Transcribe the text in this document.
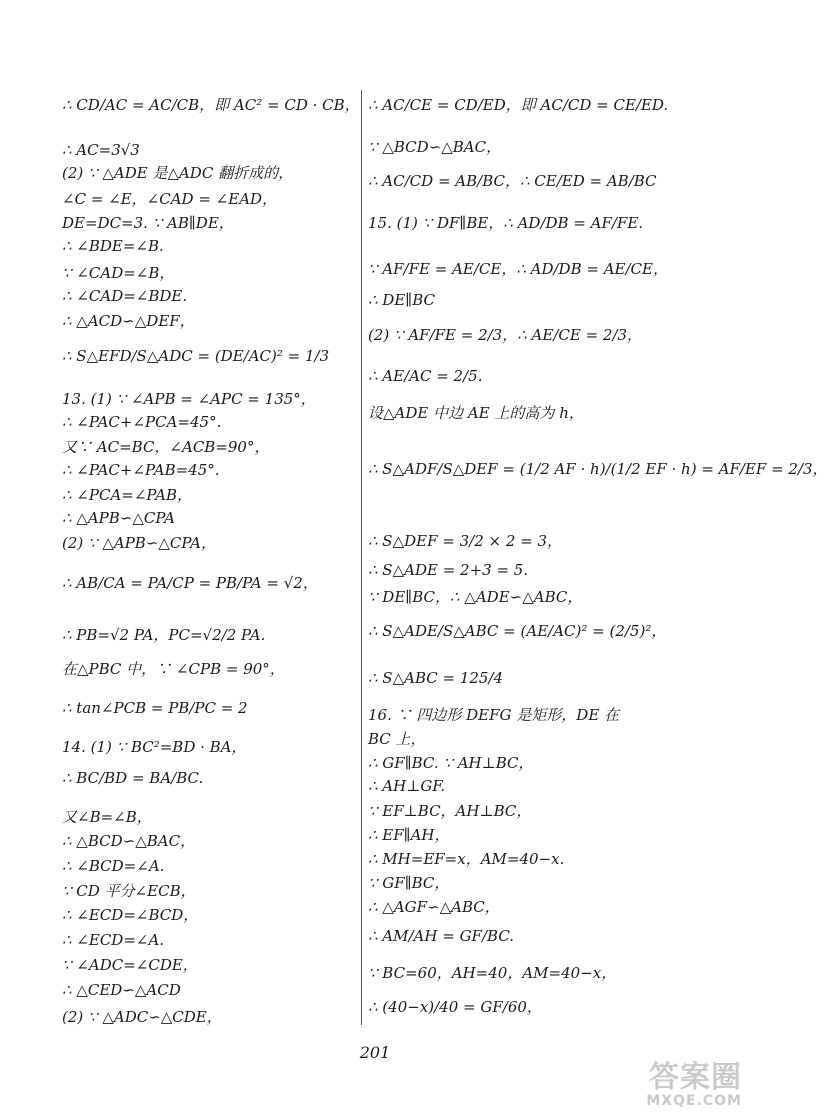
∴ CD/AC = AC/CB，即 AC² = CD · CB，
∴ AC=3√3
(2) ∵ △ADE 是△ADC 翻折成的，
∠C = ∠E，∠CAD = ∠EAD，
DE=DC=3. ∵ AB∥DE，
∴ ∠BDE=∠B.
∵ ∠CAD=∠B，
∴ ∠CAD=∠BDE.
∴ △ACD∽△DEF，
∴ S△EFD/S△ADC = (DE/AC)² = 1/3
13. (1) ∵ ∠APB = ∠APC = 135°，
∴ ∠PAC+∠PCA=45°.
又∵ AC=BC，∠ACB=90°，
∴ ∠PAC+∠PAB=45°.
∴ ∠PCA=∠PAB，
∴ △APB∽△CPA
(2) ∵ △APB∽△CPA，
∴ AB/CA = PA/CP = PB/PA = √2，
∴ PB=√2 PA，PC=√2/2 PA.
在△PBC 中，∵ ∠CPB = 90°，
∴ tan∠PCB = PB/PC = 2
14. (1) ∵ BC²=BD · BA，
∴ BC/BD = BA/BC.
又∠B=∠B，
∴ △BCD∽△BAC，
∴ ∠BCD=∠A.
∵ CD 平分∠ECB，
∴ ∠ECD=∠BCD，
∴ ∠ECD=∠A.
∵ ∠ADC=∠CDE，
∴ △CED∽△ACD
(2) ∵ △ADC∽△CDE，
∴ AC/CE = CD/ED，即 AC/CD = CE/ED.
∵ △BCD∽△BAC，
∴ AC/CD = AB/BC，∴ CE/ED = AB/BC
15. (1) ∵ DF∥BE，∴ AD/DB = AF/FE.
∵ AF/FE = AE/CE，∴ AD/DB = AE/CE，
∴ DE∥BC
(2) ∵ AF/FE = 2/3，∴ AE/CE = 2/3，
∴ AE/AC = 2/5.
设△ADE 中边 AE 上的高为 h，
∴ S△ADF/S△DEF = (1/2 AF · h)/(1/2 EF · h) = AF/EF = 2/3，
∴ S△DEF = 3/2 × 2 = 3，
∴ S△ADE = 2+3 = 5.
∵ DE∥BC，∴ △ADE∽△ABC，
∴ S△ADE/S△ABC = (AE/AC)² = (2/5)²，
∴ S△ABC = 125/4
16. ∵ 四边形 DEFG 是矩形，DE 在
BC 上，
∴ GF∥BC. ∵ AH⊥BC，
∴ AH⊥GF.
∵ EF⊥BC，AH⊥BC，
∴ EF∥AH，
∴ MH=EF=x，AM=40−x.
∵ GF∥BC，
∴ △AGF∽△ABC，
∴ AM/AH = GF/BC.
∵ BC=60，AH=40，AM=40−x，
∴ (40−x)/40 = GF/60，
201
答案圈
MXQE.COM
